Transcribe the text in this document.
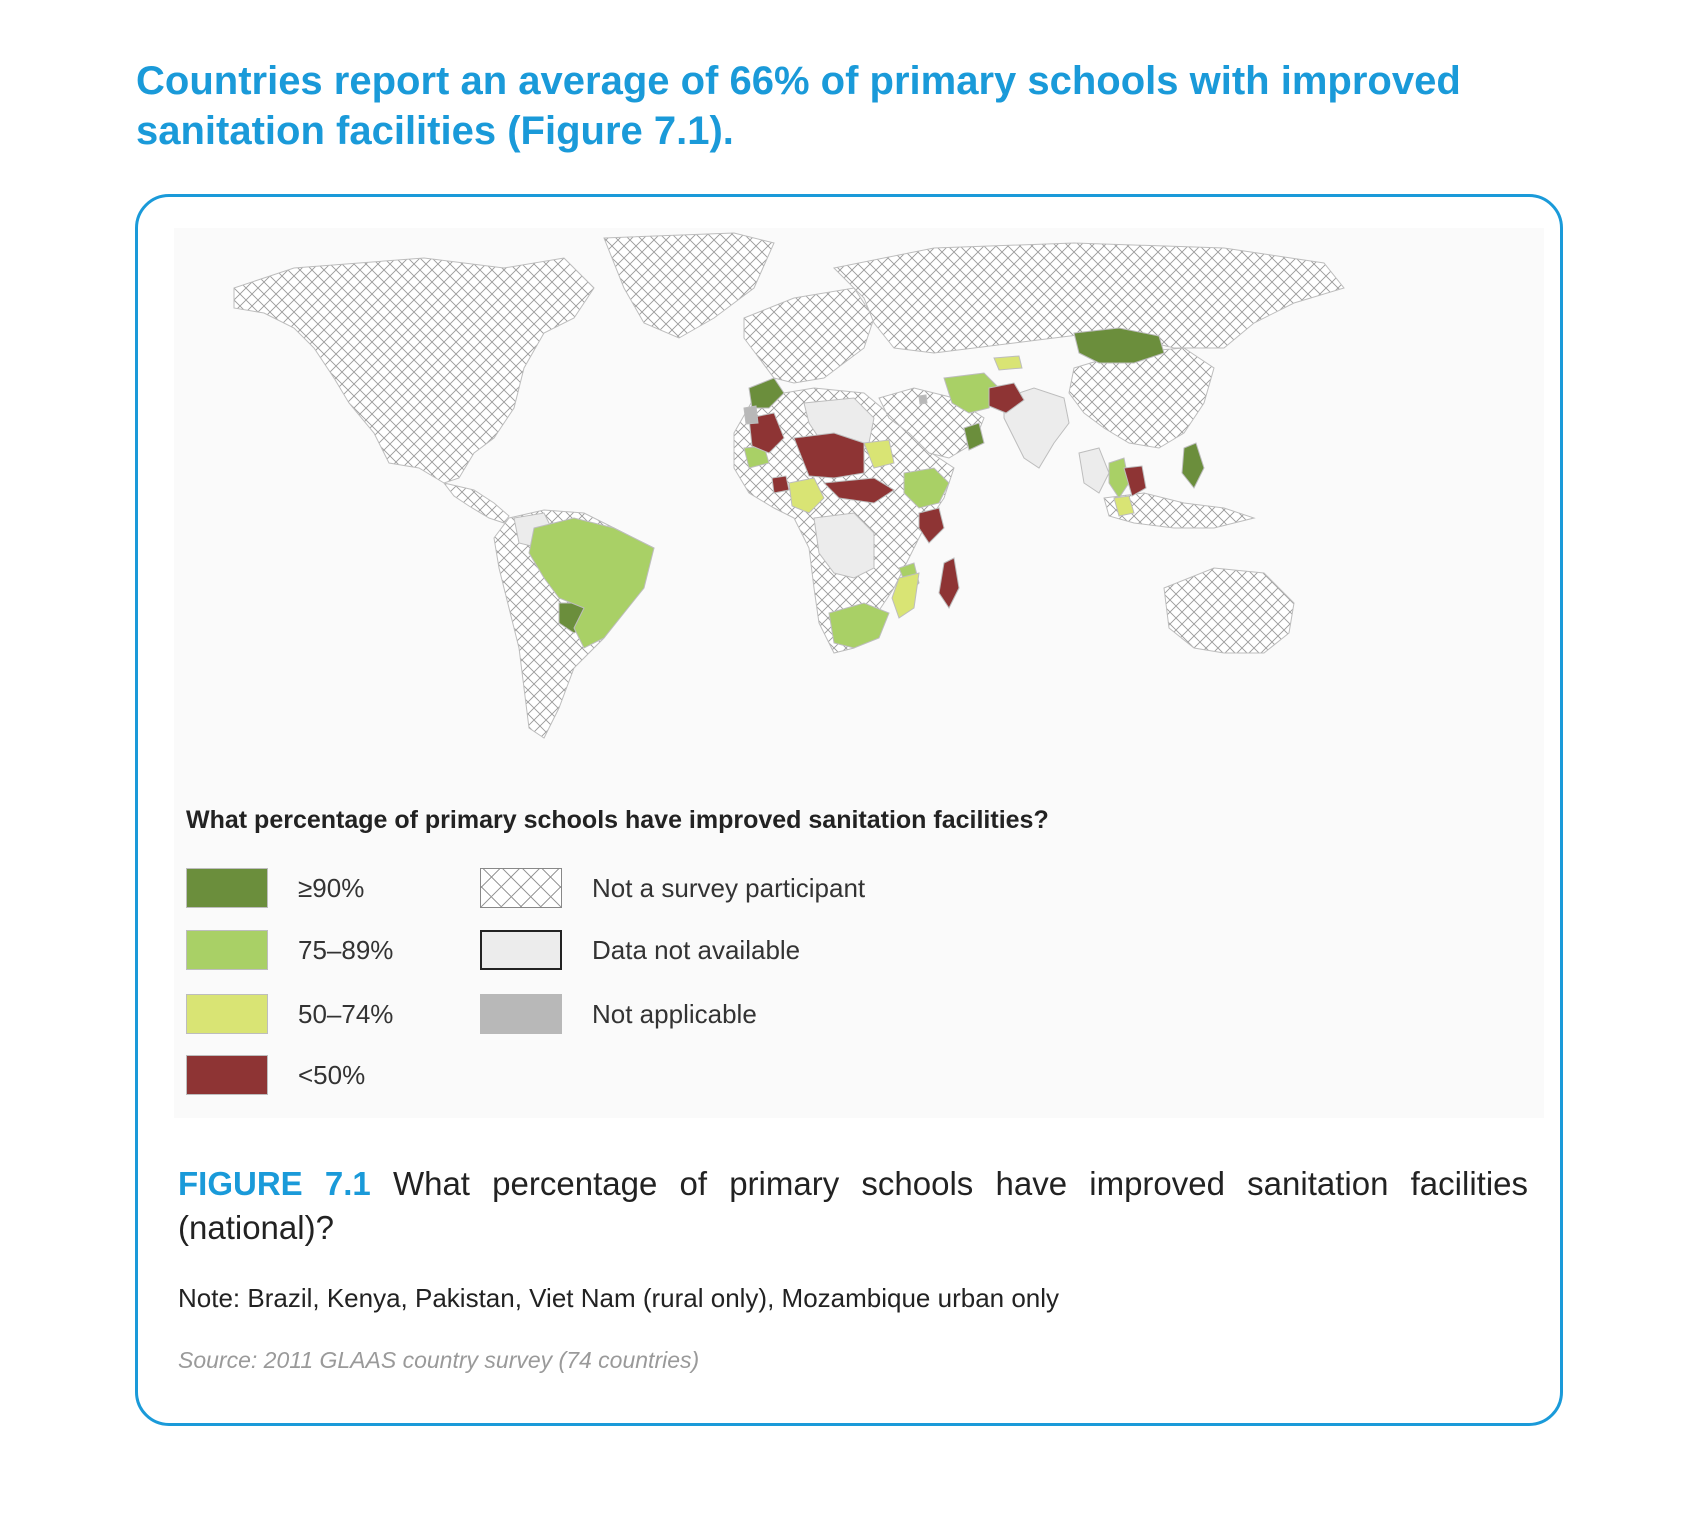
Countries report an average of 66% of primary schools with improved sanitation facilities (Figure 7.1).
What percentage of primary schools have improved sanitation facilities?
≥90%
75–89%
50–74%
<50%
Not a survey participant
Data not available
Not applicable

FIGURE 7.1 What percentage of primary schools have improved sanitation facilities (national)?

Note: Brazil, Kenya, Pakistan, Viet Nam (rural only), Mozambique urban only

Source: 2011 GLAAS country survey (74 countries)
